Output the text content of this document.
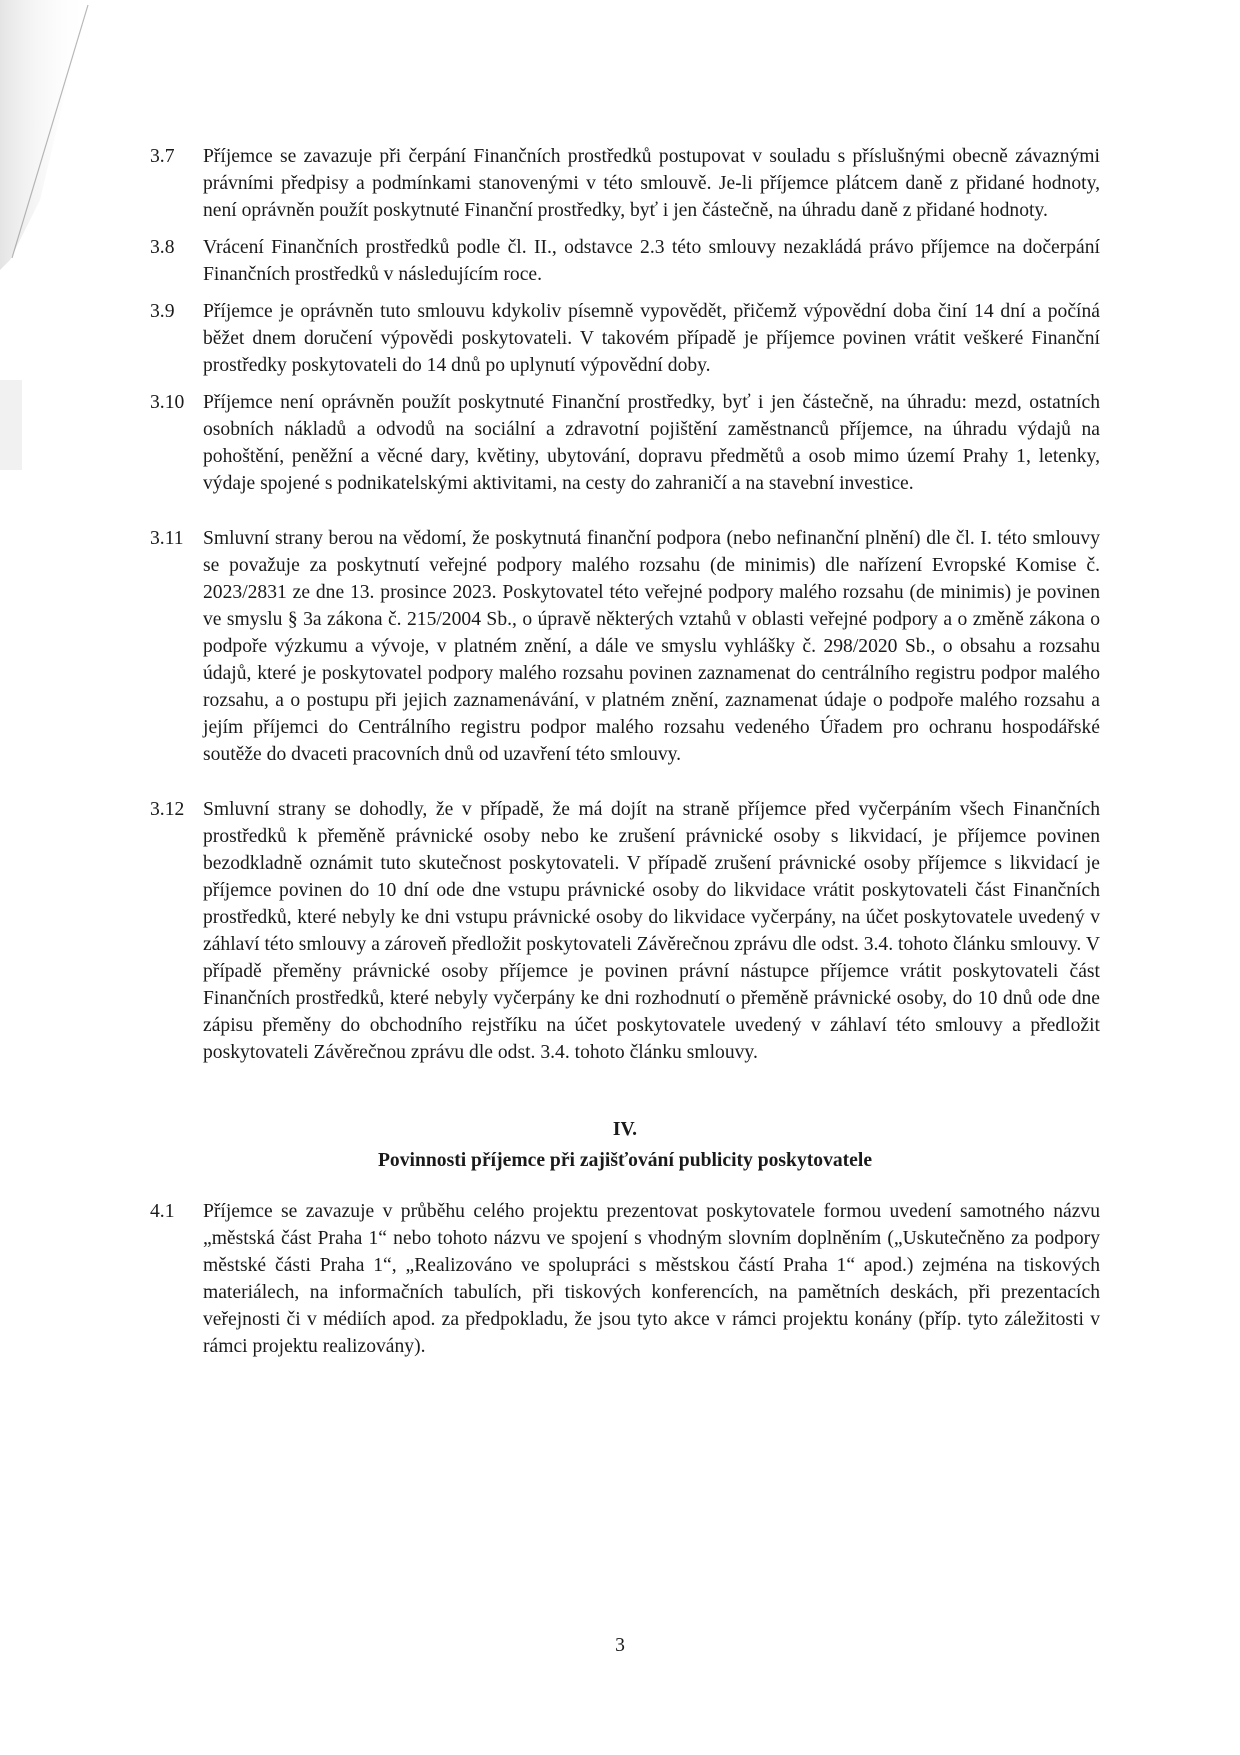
3.7	Příjemce se zavazuje při čerpání Finančních prostředků postupovat v souladu s příslušnými obecně závaznými právními předpisy a podmínkami stanovenými v této smlouvě. Je-li příjemce plátcem daně z přidané hodnoty, není oprávněn použít poskytnuté Finanční prostředky, byť i jen částečně, na úhradu daně z přidané hodnoty.
3.8	Vrácení Finančních prostředků podle čl. II., odstavce 2.3 této smlouvy nezakládá právo příjemce na dočerpání Finančních prostředků v následujícím roce.
3.9	Příjemce je oprávněn tuto smlouvu kdykoliv písemně vypovědět, přičemž výpovědní doba činí 14 dní a počíná běžet dnem doručení výpovědi poskytovateli. V takovém případě je příjemce povinen vrátit veškeré Finanční prostředky poskytovateli do 14 dnů po uplynutí výpovědní doby.
3.10 Příjemce není oprávněn použít poskytnuté Finanční prostředky, byť i jen částečně, na úhradu: mezd, ostatních osobních nákladů a odvodů na sociální a zdravotní pojištění zaměstnanců příjemce, na úhradu výdajů na pohoštění, peněžní a věcné dary, květiny, ubytování, dopravu předmětů a osob mimo území Prahy 1, letenky, výdaje spojené s podnikatelskými aktivitami, na cesty do zahraničí a na stavební investice.
3.11 Smluvní strany berou na vědomí, že poskytnutá finanční podpora (nebo nefinanční plnění) dle čl. I. této smlouvy se považuje za poskytnutí veřejné podpory malého rozsahu (de minimis) dle nařízení Evropské Komise č. 2023/2831 ze dne 13. prosince 2023. Poskytovatel této veřejné podpory malého rozsahu (de minimis) je povinen ve smyslu § 3a zákona č. 215/2004 Sb., o úpravě některých vztahů v oblasti veřejné podpory a o změně zákona o podpoře výzkumu a vývoje, v platném znění, a dále ve smyslu vyhlášky č. 298/2020 Sb., o obsahu a rozsahu údajů, které je poskytovatel podpory malého rozsahu povinen zaznamenat do centrálního registru podpor malého rozsahu, a o postupu při jejich zaznamenávání, v platném znění, zaznamenat údaje o podpoře malého rozsahu a jejím příjemci do Centrálního registru podpor malého rozsahu vedeného Úřadem pro ochranu hospodářské soutěže do dvaceti pracovních dnů od uzavření této smlouvy.
3.12 Smluvní strany se dohodly, že v případě, že má dojít na straně příjemce před vyčerpáním všech Finančních prostředků k přeměně právnické osoby nebo ke zrušení právnické osoby s likvidací, je příjemce povinen bezodkladně oznámit tuto skutečnost poskytovateli. V případě zrušení právnické osoby příjemce s likvidací je příjemce povinen do 10 dní ode dne vstupu právnické osoby do likvidace vrátit poskytovateli část Finančních prostředků, které nebyly ke dni vstupu právnické osoby do likvidace vyčerpány, na účet poskytovatele uvedený v záhlaví této smlouvy a zároveň předložit poskytovateli Závěrečnou zprávu dle odst. 3.4. tohoto článku smlouvy. V případě přeměny právnické osoby příjemce je povinen právní nástupce příjemce vrátit poskytovateli část Finančních prostředků, které nebyly vyčerpány ke dni rozhodnutí o přeměně právnické osoby, do 10 dnů ode dne zápisu přeměny do obchodního rejstříku na účet poskytovatele uvedený v záhlaví této smlouvy a předložit poskytovateli Závěrečnou zprávu dle odst. 3.4. tohoto článku smlouvy.
IV.
Povinnosti příjemce při zajišťování publicity poskytovatele
4.1	Příjemce se zavazuje v průběhu celého projektu prezentovat poskytovatele formou uvedení samotného názvu „městská část Praha 1“ nebo tohoto názvu ve spojení s vhodným slovním doplněním („Uskutečněno za podpory městské části Praha 1“, „Realizováno ve spolupráci s městskou částí Praha 1“ apod.) zejména na tiskových materiálech, na informačních tabulích, při tiskových konferencích, na pamětních deskách, při prezentacích veřejnosti či v médiích apod. za předpokladu, že jsou tyto akce v rámci projektu konány (příp. tyto záležitosti v rámci projektu realizovány).
3
